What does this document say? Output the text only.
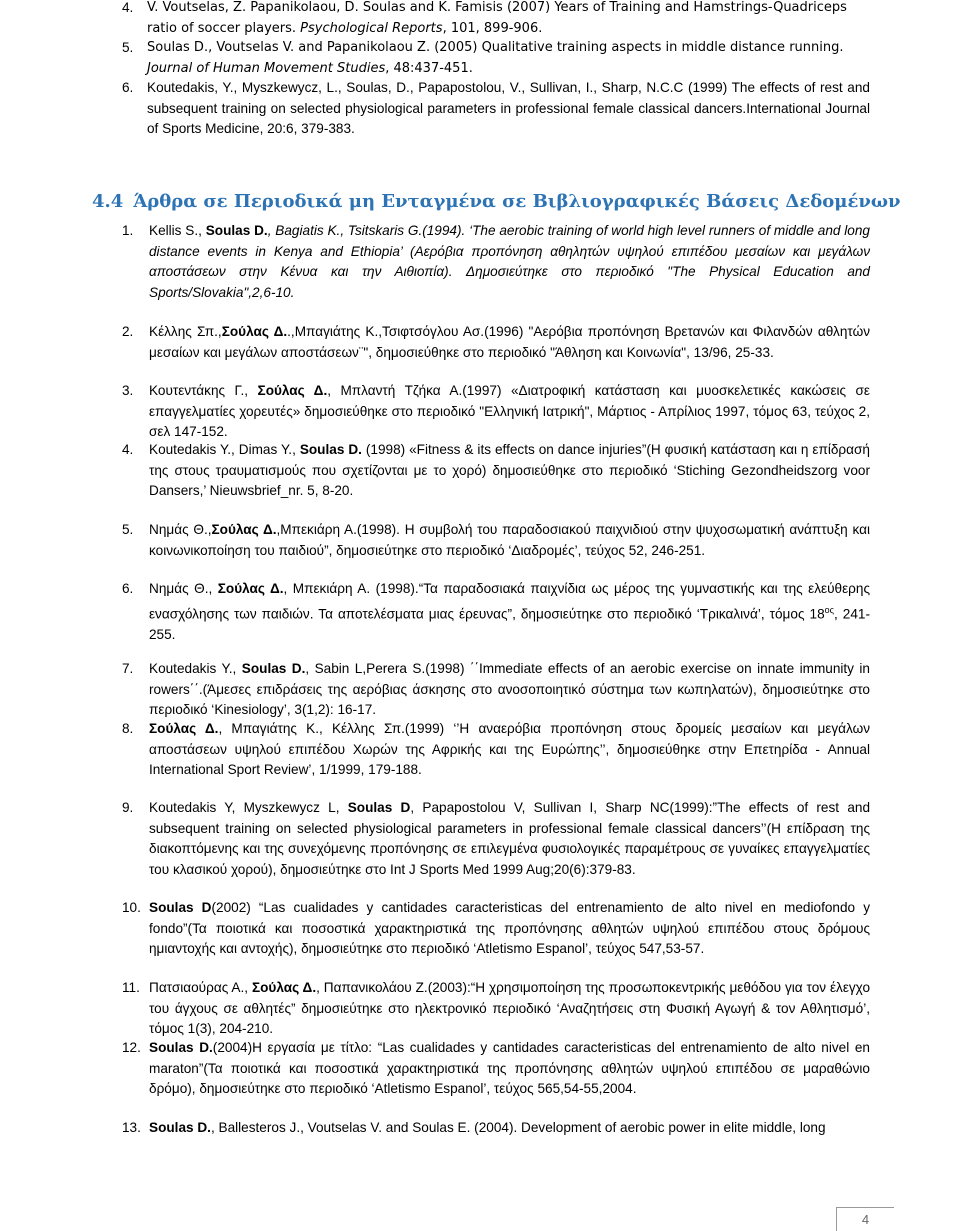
4. V. Voutselas, Z. Papanikolaou, D. Soulas and K. Famisis (2007) Years of Training and Hamstrings-Quadriceps ratio of soccer players. Psychological Reports, 101, 899-906.
5. Soulas D., Voutselas V. and Papanikolaou Z. (2005) Qualitative training aspects in middle distance running. Journal of Human Movement Studies, 48:437-451.
6. Koutedakis, Y., Myszkewycz, L., Soulas, D., Papapostolou, V., Sullivan, I., Sharp, N.C.C (1999) The effects of rest and subsequent training on selected physiological parameters in professional female classical dancers.International Journal of Sports Medicine, 20:6, 379-383.
4.4 Άρθρα σε Περιοδικά μη Ενταγμένα σε Βιβλιογραφικές Βάσεις Δεδομένων
1. Kellis S., Soulas D., Bagiatis K., Tsitskaris G.(1994). ‘The aerobic training of world high level runners of middle and long distance events in Kenya and Ethiopia’ (Αερόβια προπόνηση αθηλητών υψηλού επιπέδου μεσαίων και μεγάλων αποστάσεων στην Κένυα και την Αιθιοπία). Δημοσιεύτηκε στο περιοδικό "The Physical Education and Sports/Slovakia",2,6-10.
2. Κέλλης Σπ.,Σούλας Δ..,Μπαγιάτης Κ.,Τσιφτσόγλου Ασ.(1996) "Αερόβια προπόνηση Βρετανών και Φιλανδών αθλητών μεσαίων και μεγάλων αποστάσεων¨", δημοσιεύθηκε στο περιοδικό "Άθληση και Κοινωνία", 13/96, 25-33.
3. Κουτεντάκης Γ., Σούλας Δ., Μπλαντή Τζήκα Α.(1997) «Διατροφική κατάσταση και μυοσκελετικές κακώσεις σε επαγγελματίες χορευτές» δημοσιεύθηκε στο περιοδικό "Ελληνική Ιατρική", Μάρτιος - Απρίλιος 1997, τόμος 63, τεύχος 2, σελ 147-152.
4. Koutedakis Y., Dimas Y., Soulas D. (1998) «Fitness & its effects on dance injuries”(Η φυσική κατάσταση και η επίδρασή της στους τραυματισμούς που σχετίζονται με το χορό) δημοσιεύθηκε στο περιοδικό ‘Stiching Gezondheidszorg voor Dansers,’ Nieuwsbrief_nr. 5, 8-20.
5. Νημάς Θ.,Σούλας Δ.,Μπεκιάρη Α.(1998). Η συμβολή του παραδοσιακού παιχνιδιού στην ψυχοσωματική ανάπτυξη και κοινωνικοποίηση του παιδιού”, δημοσιεύτηκε στο περιοδικό ‘Διαδρομές’, τεύχος 52, 246-251.
6. Νημάς Θ., Σούλας Δ., Μπεκιάρη Α. (1998).“Τα παραδοσιακά παιχνίδια ως μέρος της γυμναστικής και της ελεύθερης ενασχόλησης των παιδιών. Τα αποτελέσματα μιας έρευνας”, δημοσιεύτηκε στο περιοδικό ‘Τρικαλινά’, τόμος $18^{o\varsigma}$, 241-255.
7. Koutedakis Y., Soulas D., Sabin L,Perera S.(1998) ΄΄Immediate effects of an aerobic exercise on innate immunity in rowers΄΄.(Άμεσες επιδράσεις της αερόβιας άσκησης στο ανοσοποιητικό σύστημα των κωπηλατών), δημοσιεύτηκε στο περιοδικό ‘Kinesiology’, 3(1,2): 16-17.
8. Σούλας Δ., Μπαγιάτης Κ., Κέλλης Σπ.(1999) ‘’Η αναερόβια προπόνηση στους δρομείς μεσαίων και μεγάλων αποστάσεων υψηλού επιπέδου Χωρών της Αφρικής και της Ευρώπης’’, δημοσιεύθηκε στην Επετηρίδα - Annual International Sport Review’, 1/1999, 179-188.
9. Koutedakis Y, Myszkewycz L, Soulas D, Papapostolou V, Sullivan I, Sharp NC(1999):”The effects of rest and subsequent training on selected physiological parameters in professional female classical dancers’’(Η επίδραση της διακοπτόμενης και της συνεχόμενης προπόνησης σε επιλεγμένα φυσιολογικές παραμέτρους σε γυναίκες επαγγελματίες του κλασικού χορού), δημοσιεύτηκε στο Int J Sports Med 1999 Aug;20(6):379-83.
10. Soulas D(2002) “Las cualidades y cantidades caracteristicas del entrenamiento de alto nivel en mediofondo y fondo”(Τα ποιοτικά και ποσοστικά χαρακτηριστικά της προπόνησης αθλητών υψηλού επιπέδου στους δρόμους ημιαντοχής και αντοχής), δημοσιεύτηκε στο περιοδικό ‘Atletismo Espanol’, τεύχος 547,53-57.
11. Πατσιαούρας Α., Σούλας Δ., Παπανικολάου Ζ.(2003):“Η χρησιμοποίηση της προσωποκεντρικής μεθόδου για τον έλεγχο του άγχους σε αθλητές” δημοσιεύτηκε στο ηλεκτρονικό περιοδικό ‘Αναζητήσεις στη Φυσική Αγωγή & τον Αθλητισμό’, τόμος 1(3), 204-210.
12. Soulas D.(2004)Η εργασία με τίτλο: “Las cualidades y cantidades caracteristicas del entrenamiento de alto nivel en maraton”(Τα ποιοτικά και ποσοστικά χαρακτηριστικά της προπόνησης αθλητών υψηλού επιπέδου σε μαραθώνιο δρόμο), δημοσιεύτηκε στο περιοδικό ‘Atletismo Espanol’, τεύχος 565,54-55,2004.
13. Soulas D., Ballesteros J., Voutselas V. and Soulas E. (2004). Development of aerobic power in elite middle, long
4
